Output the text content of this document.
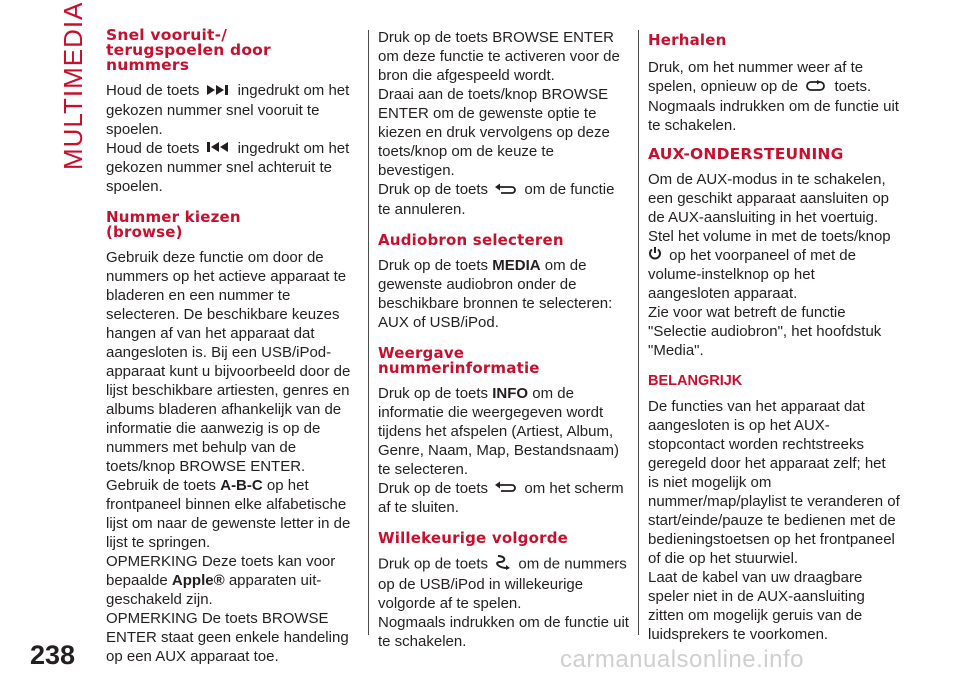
MULTIMEDIA Snel vooruit-/
terugspoelen door
nummers

Houd de toets	ingedrukt om het gekozen nummer snel vooruit te spoelen.

Houd de toets	ingedrukt om het gekozen nummer snel achteruit te spoelen.

Nummer kiezen
(browse)

Gebruik deze functie om door de nummers op het actieve apparaat te bladeren en een nummer te selecteren. De beschikbare keuzes hangen af van het apparaat dat aangesloten is. Bij een USB/iPod-apparaat kunt u bijvoorbeeld door de lijst beschikbare artiesten, genres en albums bladeren afhankelijk van de informatie die aanwezig is op de nummers met behulp van de toets/knop BROWSE ENTER.

Gebruik de toets A-B-C op het frontpaneel binnen elke alfabetische lijst om naar de gewenste letter in de lijst te springen.

OPMERKING Deze toets kan voor bepaalde Apple® apparaten uit- geschakeld zijn.

OPMERKING De toets BROWSE ENTER staat geen enkele handeling op een AUX apparaat toe.

Druk op de toets BROWSE ENTER om deze functie te activeren voor de bron die afgespeeld wordt.

Draai aan de toets/knop BROWSE ENTER om de gewenste optie te kiezen en druk vervolgens op deze toets/knop om de keuze te bevestigen.

Druk op de toets om de functie te annuleren.

Audiobron selecteren

Druk op de toets MEDIA om de gewenste audiobron onder de beschikbare bronnen te selecteren: AUX of USB/iPod.

Weergave
nummerinformatie

Druk op de toets INFO om de informatie die weergegeven wordt tijdens het afspelen (Artiest, Album, Genre, Naam, Map, Bestandsnaam) te selecteren.

Druk op de toets om het scherm af te sluiten.

Willekeurige volgorde

Druk op de toets om de nummers op de USB/iPod in willekeurige volgorde af te spelen.

Nogmaals indrukken om de functie uit te schakelen.

Herhalen

Druk, om het nummer weer af te spelen, opnieuw op de toets.

Nogmaals indrukken om de functie uit te schakelen.

AUX-ONDERSTEUNING

Om de AUX-modus in te schakelen, een geschikt apparaat aansluiten op de AUX-aansluiting in het voertuig.

Stel het volume in met de toets/knop  op het voorpaneel of met de volume-instelknop op het aangesloten apparaat.

Zie voor wat betreft de functie "Selectie audiobron", het hoofdstuk "Media".

BELANGRIJK

De functies van het apparaat dat aangesloten is op het AUX-stopcontact worden rechtstreeks geregeld door het apparaat zelf; het is niet mogelijk om nummer/map/playlist te veranderen of start/einde/pauze te bedienen met de bedieningstoetsen op het frontpaneel of die op het stuurwiel.

Laat de kabel van uw draagbare speler niet in de AUX-aansluiting zitten om mogelijk geruis van de luidsprekers te voorkomen.

238	carmanualsonline.info
